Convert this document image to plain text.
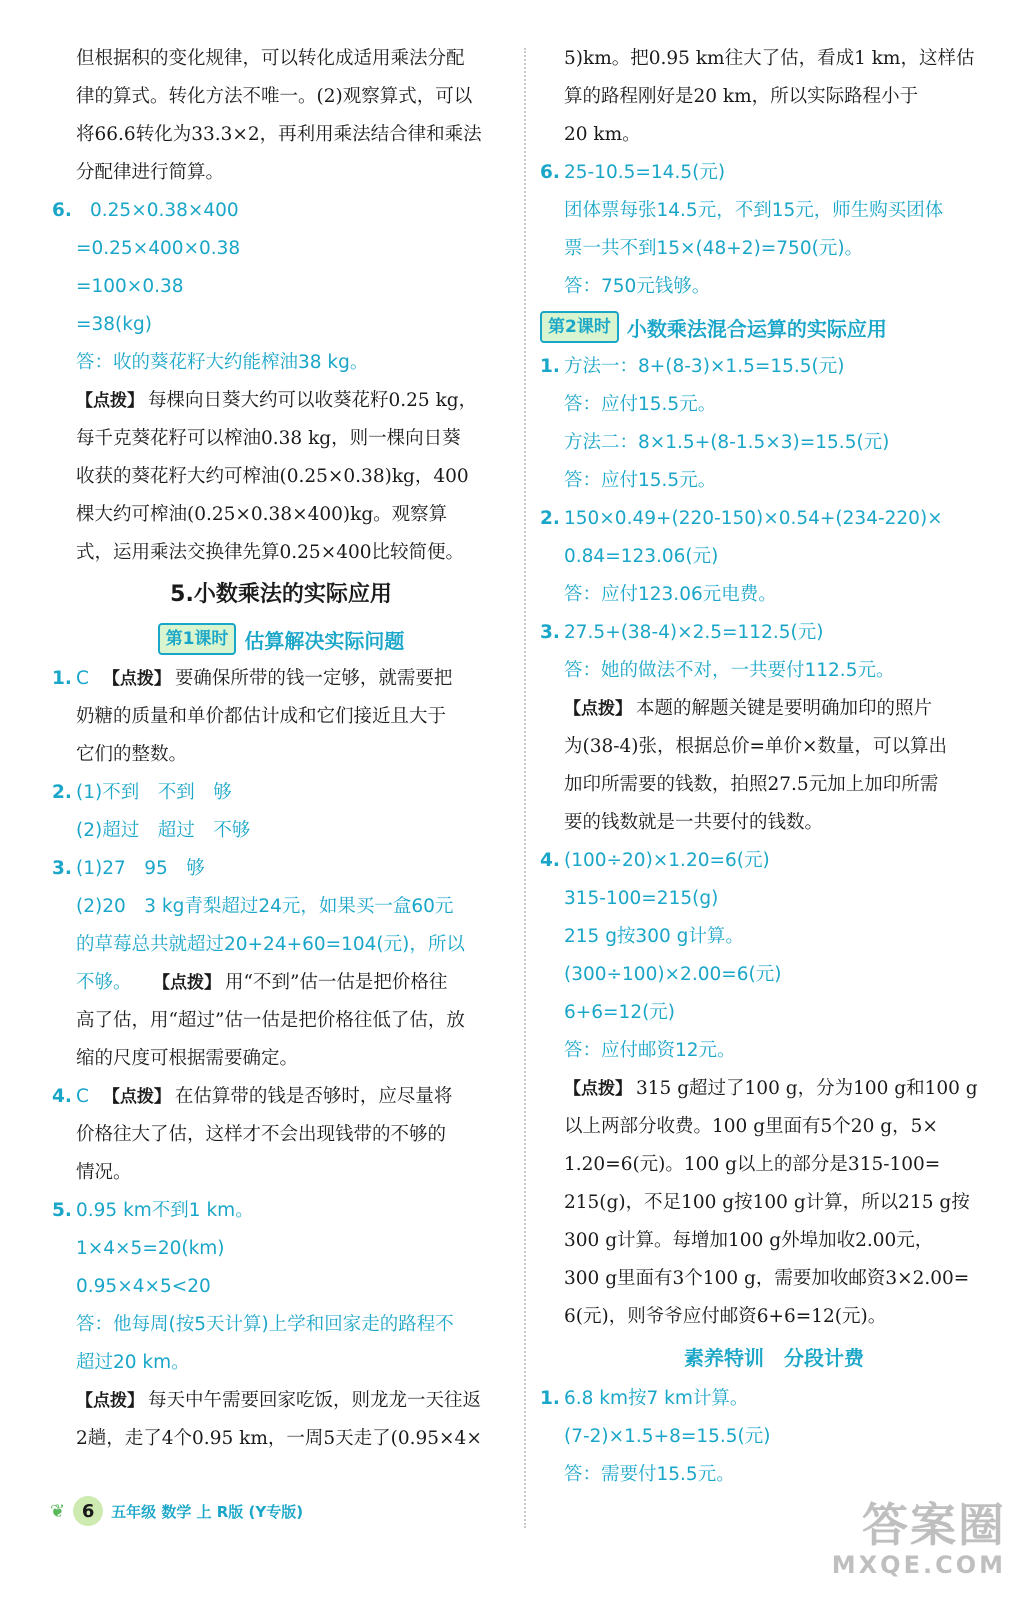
但根据积的变化规律，可以转化成适用乘法分配

律的算式。转化方法不唯一。(2)观察算式，可以

将66.6转化为33.3×2，再利用乘法结合律和乘法

分配律进行简算。

6. 0.25×0.38×400

=0.25×400×0.38

=100×0.38

=38(kg)

答：收的葵花籽大约能榨油38 kg。

【点拨】 每棵向日葵大约可以收葵花籽0.25 kg，

每千克葵花籽可以榨油0.38 kg，则一棵向日葵

收获的葵花籽大约可榨油(0.25×0.38)kg，400

棵大约可榨油(0.25×0.38×400)kg。观察算

式，运用乘法交换律先算0.25×400比较简便。

5.小数乘法的实际应用
第1课时 估算解决实际问题

1. C 【点拨】 要确保所带的钱一定够，就需要把

奶糖的质量和单价都估计成和它们接近且大于

它们的整数。

2. (1)不到　不到　够

(2)超过　超过　不够

3. (1)27　95　够

(2)20　3 kg青梨超过24元，如果买一盒60元

的草莓总共就超过20+24+60=104(元)，所以

不够。 【点拨】 用“不到”估一估是把价格往

高了估，用“超过”估一估是把价格往低了估，放

缩的尺度可根据需要确定。

4. C 【点拨】 在估算带的钱是否够时，应尽量将

价格往大了估，这样才不会出现钱带的不够的

情况。

5. 0.95 km不到1 km。

1×4×5=20(km)

0.95×4×5<20

答：他每周(按5天计算)上学和回家走的路程不

超过20 km。

【点拨】 每天中午需要回家吃饭，则龙龙一天往返

2趟，走了4个0.95 km，一周5天走了(0.95×4×

5)km。把0.95 km往大了估，看成1 km，这样估

算的路程刚好是20 km，所以实际路程小于

20 km。

6. 25-10.5=14.5(元)

团体票每张14.5元，不到15元，师生购买团体

票一共不到15×(48+2)=750(元)。

答：750元钱够。

第2课时 小数乘法混合运算的实际应用

1. 方法一：8+(8-3)×1.5=15.5(元)

答：应付15.5元。

方法二：8×1.5+(8-1.5×3)=15.5(元)

答：应付15.5元。

2. 150×0.49+(220-150)×0.54+(234-220)×

0.84=123.06(元)

答：应付123.06元电费。

3. 27.5+(38-4)×2.5=112.5(元)

答：她的做法不对，一共要付112.5元。

【点拨】 本题的解题关键是要明确加印的照片

为(38-4)张，根据总价=单价×数量，可以算出

加印所需要的钱数，拍照27.5元加上加印所需

要的钱数就是一共要付的钱数。

4. (100÷20)×1.20=6(元)

315-100=215(g)

215 g按300 g计算。

(300÷100)×2.00=6(元)

6+6=12(元)

答：应付邮资12元。

【点拨】 315 g超过了100 g，分为100 g和100 g

以上两部分收费。100 g里面有5个20 g，5×

1.20=6(元)。100 g以上的部分是315-100=

215(g)，不足100 g按100 g计算，所以215 g按

300 g计算。每增加100 g外埠加收2.00元，

300 g里面有3个100 g，需要加收邮资3×2.00=

6(元)，则爷爷应付邮资6+6=12(元)。

素养特训　分段计费

1. 6.8 km按7 km计算。

(7-2)×1.5+8=15.5(元)

答：需要付15.5元。

❦ 6	五年级 数学 上 R版 (Y专版)	答案圈
MXQE.COM
